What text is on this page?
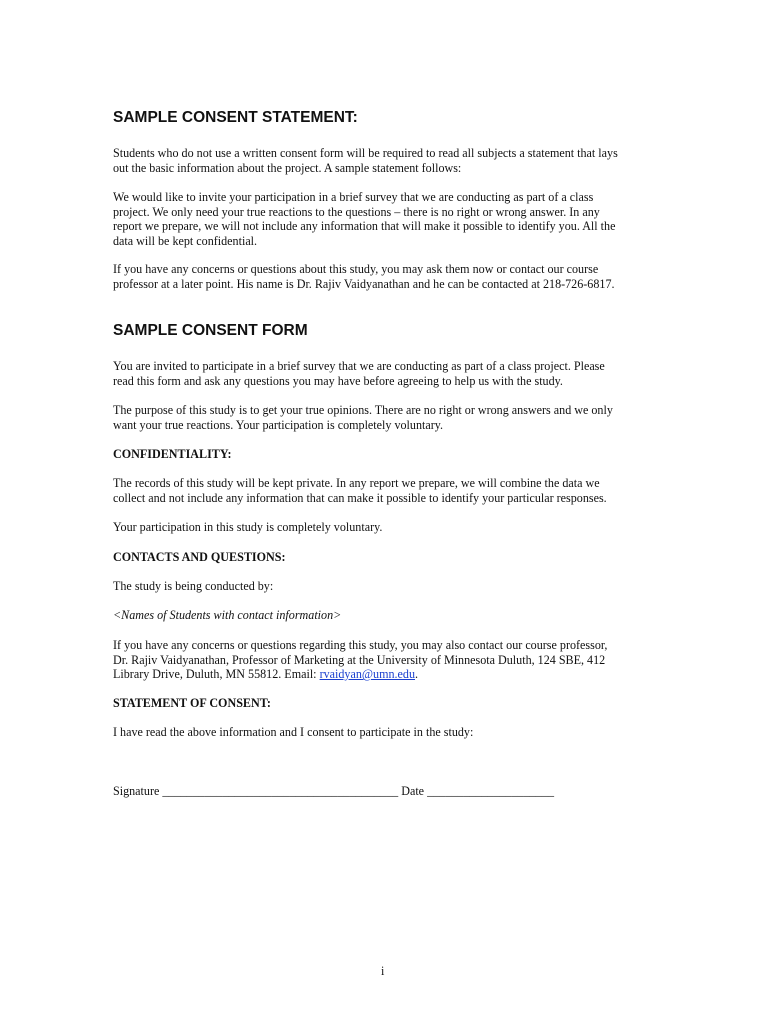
SAMPLE CONSENT STATEMENT:

Students who do not use a written consent form will be required to read all subjects a statement that lays
out the basic information about the project. A sample statement follows:

We would like to invite your participation in a brief survey that we are conducting as part of a class
project. We only need your true reactions to the questions – there is no right or wrong answer. In any
report we prepare, we will not include any information that will make it possible to identify you. All the
data will be kept confidential.

If you have any concerns or questions about this study, you may ask them now or contact our course
professor at a later point. His name is Dr. Rajiv Vaidyanathan and he can be contacted at 218-726-6817.

SAMPLE CONSENT FORM

You are invited to participate in a brief survey that we are conducting as part of a class project. Please
read this form and ask any questions you may have before agreeing to help us with the study.

The purpose of this study is to get your true opinions. There are no right or wrong answers and we only
want your true reactions. Your participation is completely voluntary.

CONFIDENTIALITY:

The records of this study will be kept private. In any report we prepare, we will combine the data we
collect and not include any information that can make it possible to identify your particular responses.

Your participation in this study is completely voluntary.

CONTACTS AND QUESTIONS:

The study is being conducted by:

<Names of Students with contact information>

If you have any concerns or questions regarding this study, you may also contact our course professor,
Dr. Rajiv Vaidyanathan, Professor of Marketing at the University of Minnesota Duluth, 124 SBE, 412
Library Drive, Duluth, MN 55812. Email: rvaidyan@umn.edu.

STATEMENT OF CONSENT:

I have read the above information and I consent to participate in the study:

Signature _______________________________________ Date _____________________

i
